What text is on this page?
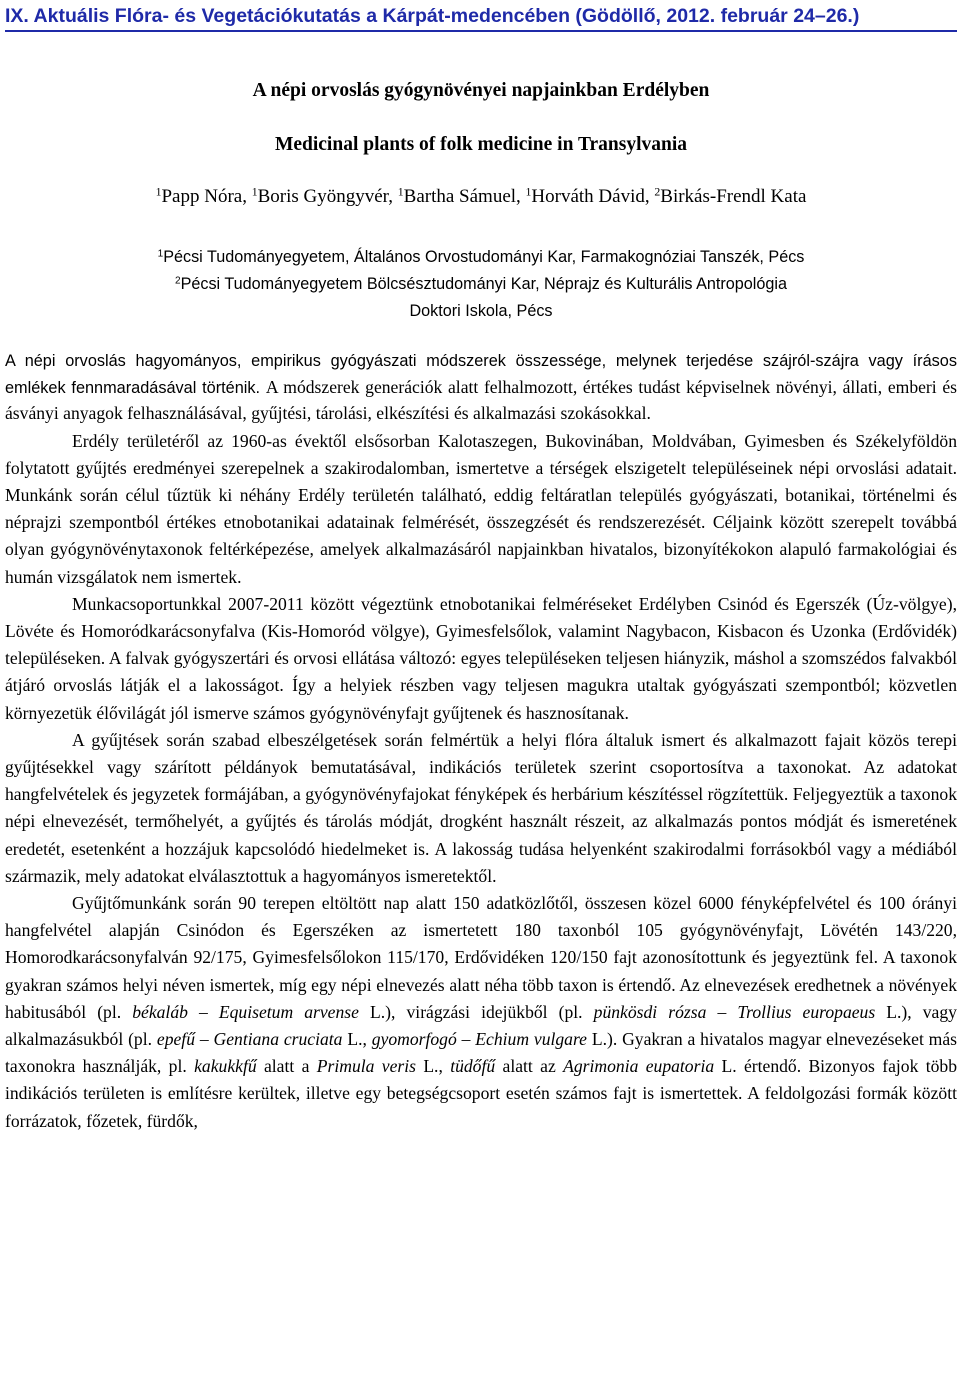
IX. Aktuális Flóra- és Vegetációkutatás a Kárpát-medencében (Gödöllő, 2012. február 24–26.)
A népi orvoslás gyógynövényei napjainkban Erdélyben
Medicinal plants of folk medicine in Transylvania
$^1$Papp Nóra, $^1$Boris Gyöngyvér, $^1$Bartha Sámuel, $^1$Horváth Dávid, $^2$Birkás-Frendl Kata
$^1$Pécsi Tudományegyetem, Általános Orvostudományi Kar, Farmakognóziai Tanszék, Pécs
$^2$Pécsi Tudományegyetem Bölcsésztudományi Kar, Néprajz és Kulturális Antropológia
Doktori Iskola, Pécs

A népi orvoslás hagyományos, empirikus gyógyászati módszerek összessége, melynek terjedése szájról-szájra vagy írásos emlékek fennmaradásával történik. A módszerek generációk alatt felhalmozott, értékes tudást képviselnek növényi, állati, emberi és ásványi anyagok felhasználásával, gyűjtési, tárolási, elkészítési és alkalmazási szokásokkal.

Erdély területéről az 1960-as évektől elsősorban Kalotaszegen, Bukovinában, Moldvában, Gyimesben és Székelyföldön folytatott gyűjtés eredményei szerepelnek a szakirodalomban, ismertetve a térségek elszigetelt településeinek népi orvoslási adatait. Munkánk során célul tűztük ki néhány Erdély területén található, eddig feltáratlan település gyógyászati, botanikai, történelmi és néprajzi szempontból értékes etnobotanikai adatainak felmérését, összegzését és rendszerezését. Céljaink között szerepelt továbbá olyan gyógynövénytaxonok feltérképezése, amelyek alkalmazásáról napjainkban hivatalos, bizonyítékokon alapuló farmakológiai és humán vizsgálatok nem ismertek.

Munkacsoportunkkal 2007-2011 között végeztünk etnobotanikai felméréseket Erdélyben Csinód és Egerszék (Úz-völgye), Lövéte és Homoródkarácsonyfalva (Kis-Homoród völgye), Gyimesfelsőlok, valamint Nagybacon, Kisbacon és Uzonka (Erdővidék) településeken. A falvak gyógyszertári és orvosi ellátása változó: egyes településeken teljesen hiányzik, máshol a szomszédos falvakból átjáró orvoslás látják el a lakosságot. Így a helyiek részben vagy teljesen magukra utaltak gyógyászati szempontból; közvetlen környezetük élővilágát jól ismerve számos gyógynövényfajt gyűjtenek és hasznosítanak.

A gyűjtések során szabad elbeszélgetések során felmértük a helyi flóra általuk ismert és alkalmazott fajait közös terepi gyűjtésekkel vagy szárított példányok bemutatásával, indikációs területek szerint csoportosítva a taxonokat. Az adatokat hangfelvételek és jegyzetek formájában, a gyógynövényfajokat fényképek és herbárium készítéssel rögzítettük. Feljegyeztük a taxonok népi elnevezését, termőhelyét, a gyűjtés és tárolás módját, drogként használt részeit, az alkalmazás pontos módját és ismeretének eredetét, esetenként a hozzájuk kapcsolódó hiedelmeket is. A lakosság tudása helyenként szakirodalmi forrásokból vagy a médiából származik, mely adatokat elválasztottuk a hagyományos ismeretektől.

Gyűjtőmunkánk során 90 terepen eltöltött nap alatt 150 adatközlőtől, összesen közel 6000 fényképfelvétel és 100 órányi hangfelvétel alapján Csinódon és Egerszéken az ismertetett 180 taxonból 105 gyógynövényfajt, Lövétén 143/220, Homorodkarácsonyfalván 92/175, Gyimesfelsőlokon 115/170, Erdővidéken 120/150 fajt azonosítottunk és jegyeztünk fel. A taxonok gyakran számos helyi néven ismertek, míg egy népi elnevezés alatt néha több taxon is értendő. Az elnevezések eredhetnek a növények habitusából (pl. békaláb – Equisetum arvense L.), virágzási idejükből (pl. pünkösdi rózsa – Trollius europaeus L.), vagy alkalmazásukból (pl. epefű – Gentiana cruciata L., gyomorfogó – Echium vulgare L.). Gyakran a hivatalos magyar elnevezéseket más taxonokra használják, pl. kakukkfű alatt a Primula veris L., tüdőfű alatt az Agrimonia eupatoria L. értendő. Bizonyos fajok több indikációs területen is említésre kerültek, illetve egy betegségcsoport esetén számos fajt is ismertettek. A feldolgozási formák között forrázatok, főzetek, fürdők,
